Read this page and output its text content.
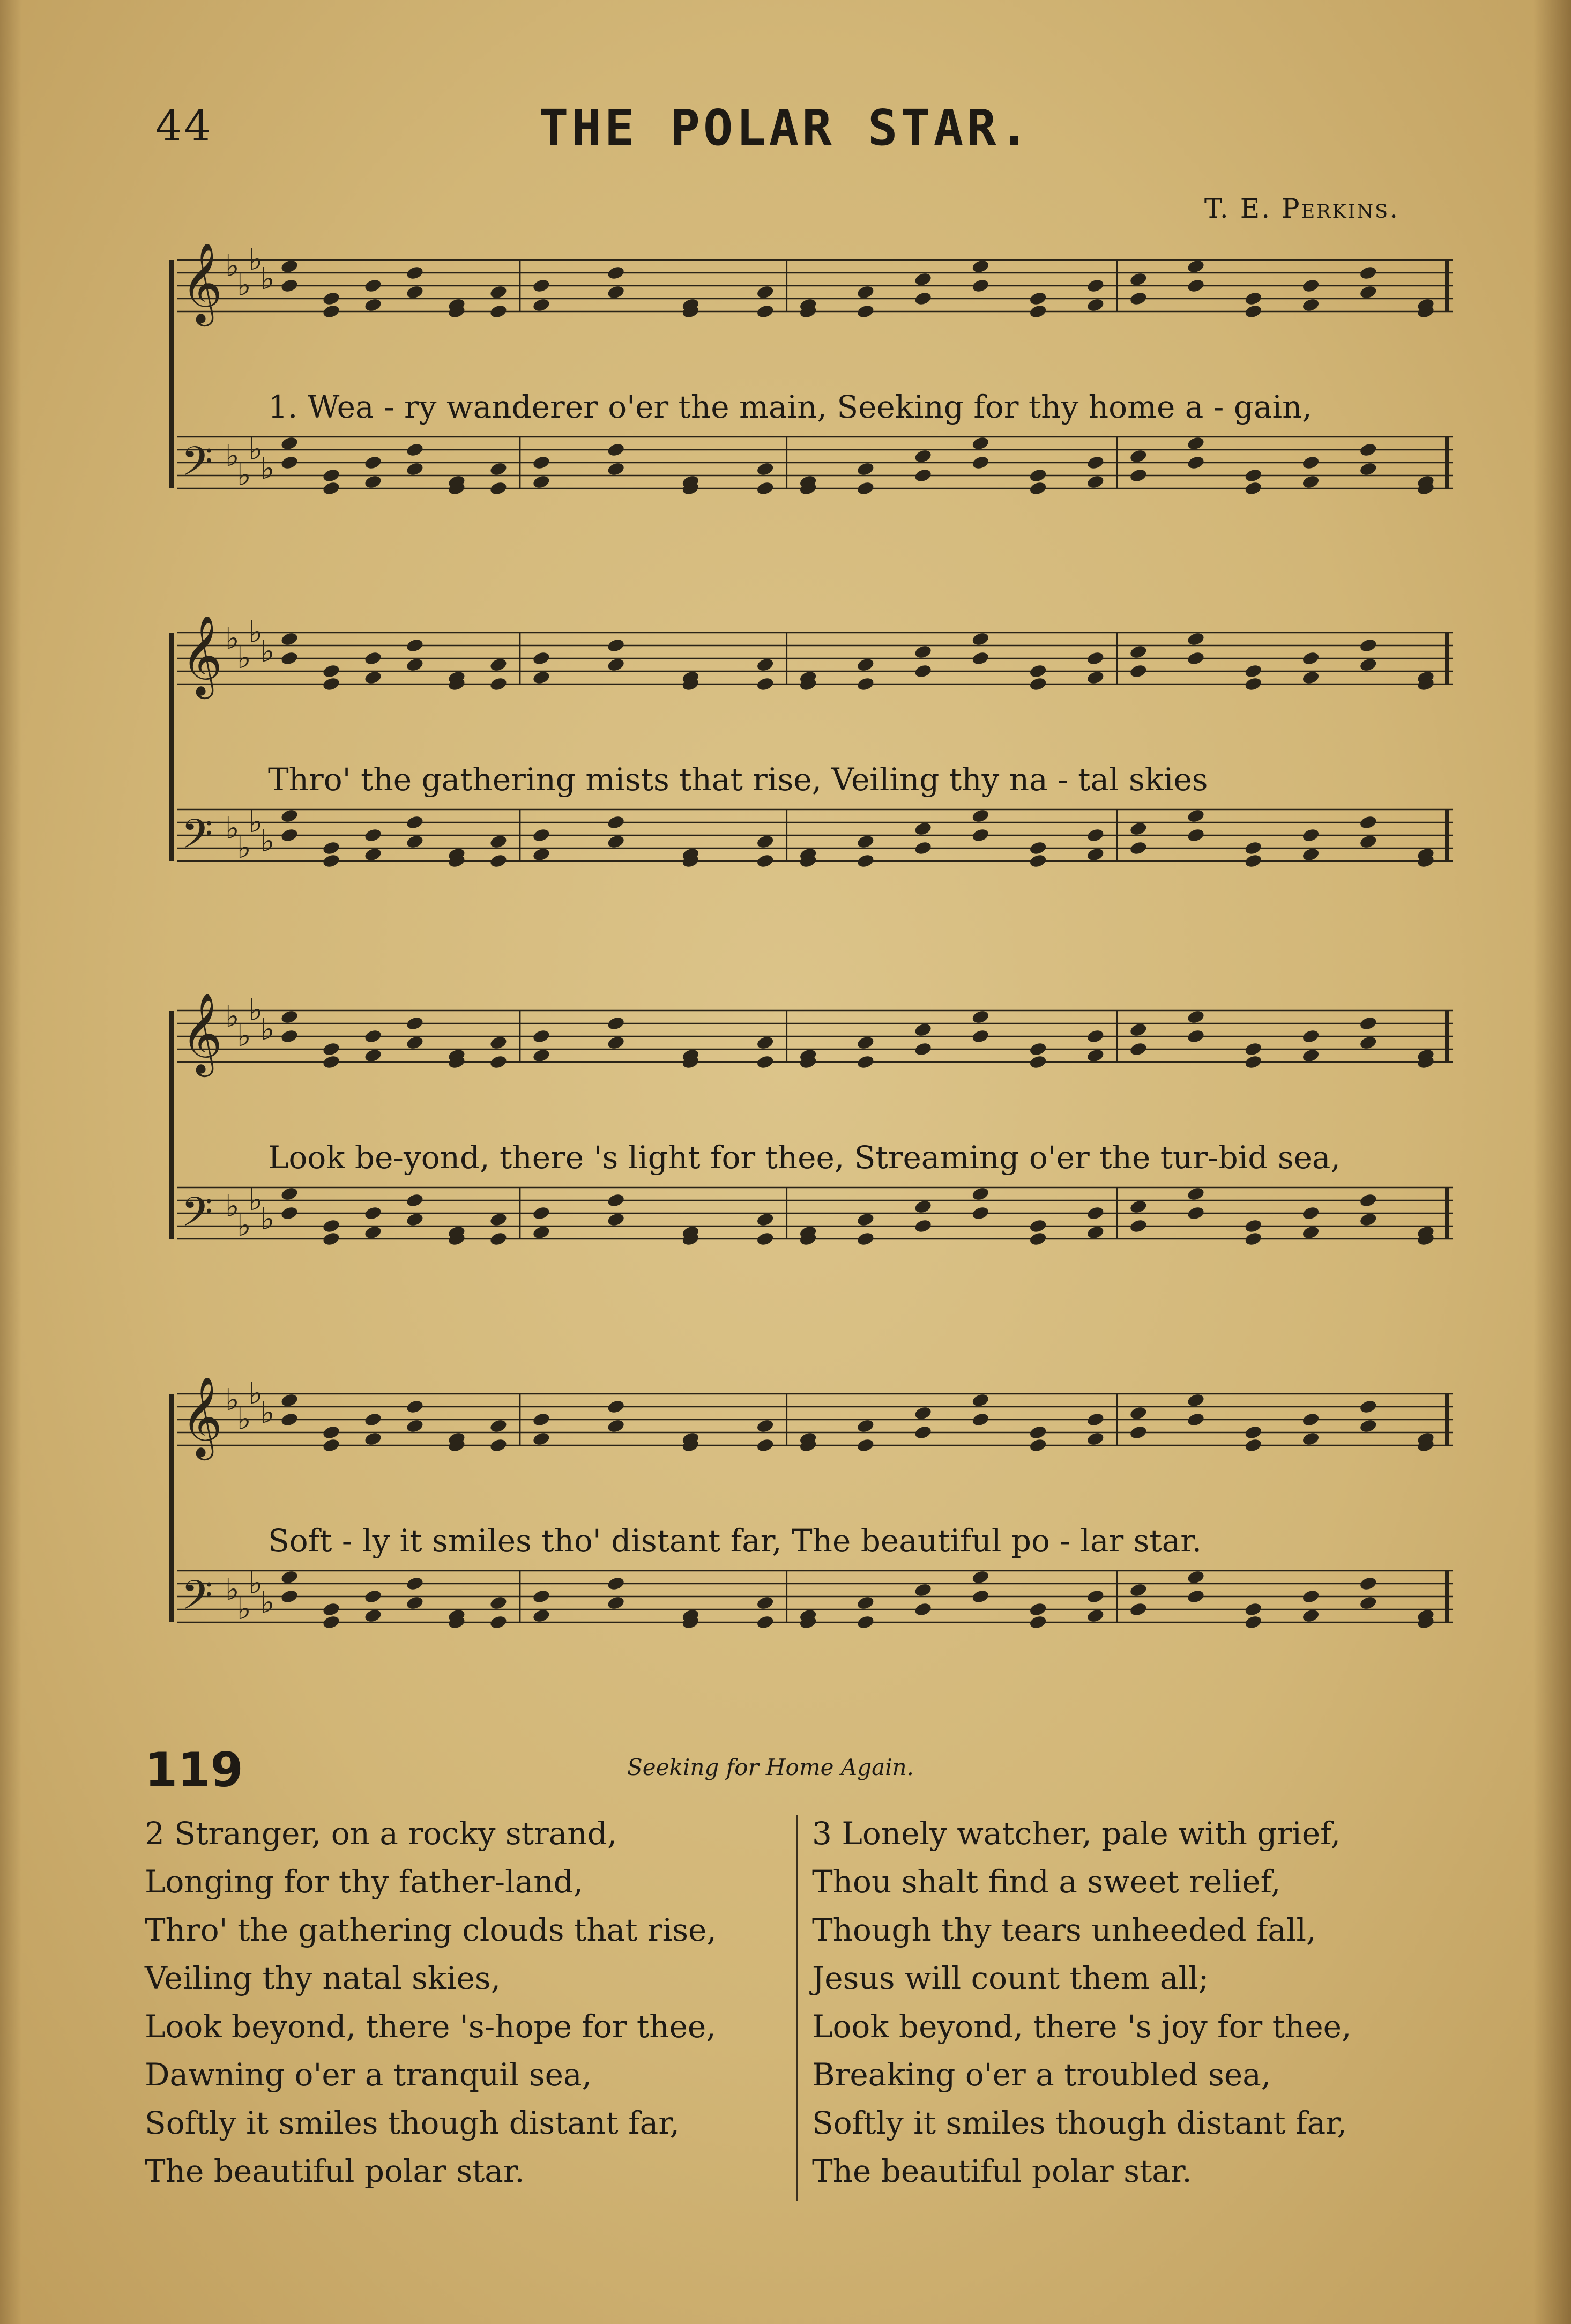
44	THE POLAR STAR.
T. E. Perkins.
𝄞 ♭
♭
♭
♭
𝄢 ♭
♭
♭
♭
1. Wea - ry wanderer o'er the main, Seeking for thy home a - gain,
𝄞 ♭
♭
♭
♭
𝄢 ♭
♭
♭
♭
Thro' the gathering mists that rise, Veiling thy na - tal skies
𝄞 ♭
♭
♭
♭
𝄢 ♭
♭
♭
♭
Look be-yond, there 's light for thee, Streaming o'er the tur-bid sea,
𝄞 ♭
♭
♭
♭
𝄢 ♭
♭
♭
♭
Soft - ly it smiles tho' distant far, The beautiful po - lar star.
119	Seeking for Home Again.
2 Stranger, on a rocky strand,
Longing for thy father-land,
Thro' the gathering clouds that rise,
Veiling thy natal skies,
Look beyond, there 's-hope for thee,
Dawning o'er a tranquil sea,
Softly it smiles though distant far,
The beautiful polar star.
3 Lonely watcher, pale with grief,
Thou shalt find a sweet relief,
Though thy tears unheeded fall,
Jesus will count them all;
Look beyond, there 's joy for thee,
Breaking o'er a troubled sea,
Softly it smiles though distant far,
The beautiful polar star.
